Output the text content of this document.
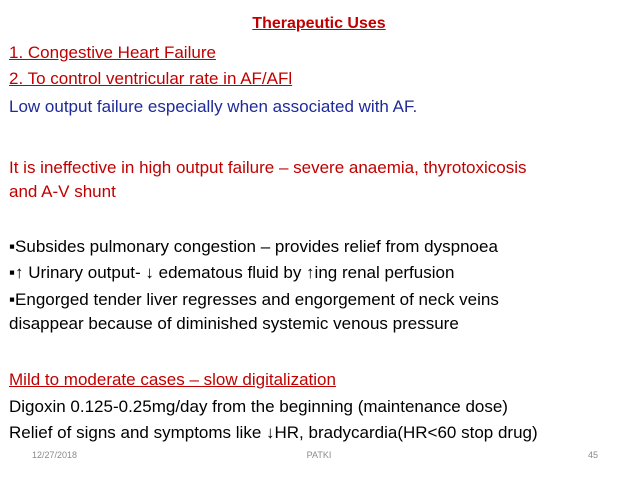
Therapeutic Uses
1. Congestive Heart Failure
2. To control ventricular rate in AF/AFl
Low output failure especially when associated with AF.
It is ineffective in high output failure – severe anaemia, thyrotoxicosis
and A-V shunt
▪Subsides pulmonary congestion – provides relief from dyspnoea
▪↑ Urinary output- ↓ edematous fluid by ↑ing renal perfusion
▪Engorged tender liver regresses and engorgement of neck veins
disappear because of diminished systemic venous pressure
Mild to moderate cases – slow digitalization
Digoxin 0.125-0.25mg/day from the beginning (maintenance dose)
Relief of signs and symptoms like ↓HR, bradycardia(HR<60 stop drug)
12/27/2018	PATKI	45
